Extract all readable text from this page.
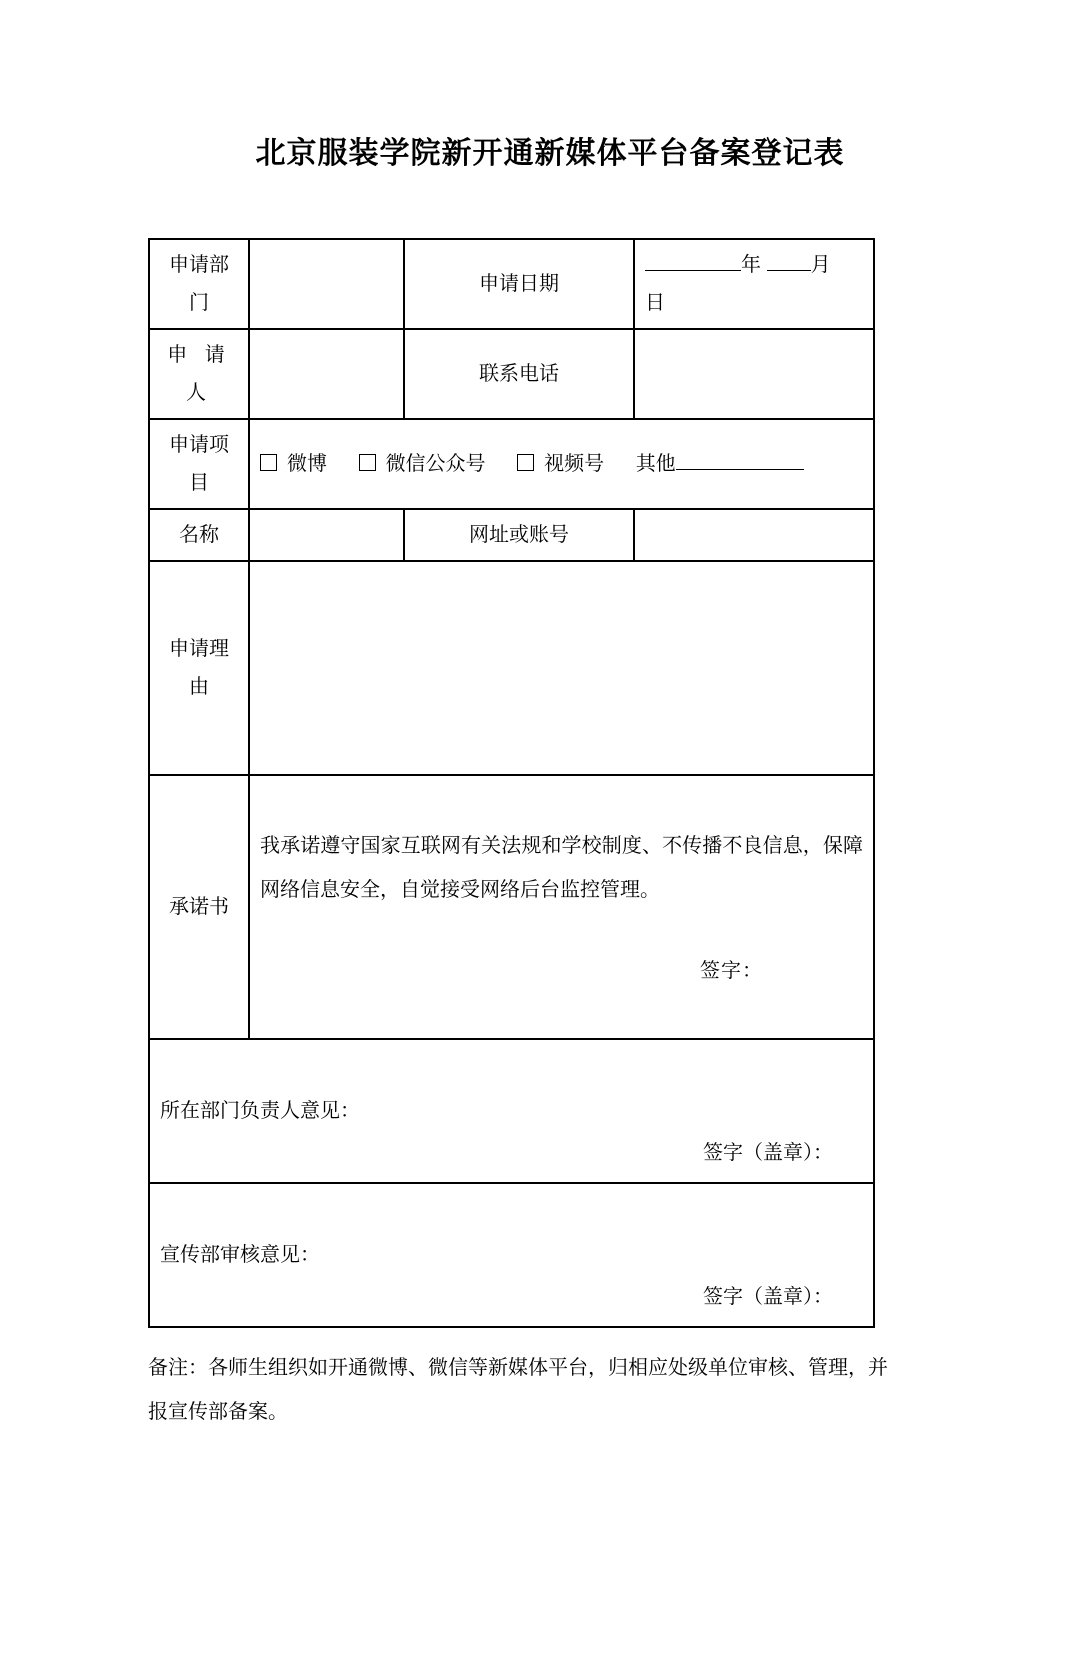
北京服装学院新开通新媒体平台备案登记表
申请部门		申请日期	年 月
日
申 请 人		联系电话	
申请项目	微博 微信公众号 视频号 其他		
名称		网址或账号	
申请理由			
承诺书	我承诺遵守国家互联网有关法规和学校制度、不传播不良信息，保障网络信息安全，自觉接受网络后台监控管理。
签字：		

所在部门负责人意见：
签字（盖章）：			

宣传部审核意见：
签字（盖章）：			
备注：各师生组织如开通微博、微信等新媒体平台，归相应处级单位审核、管理，并报宣传部备案。
